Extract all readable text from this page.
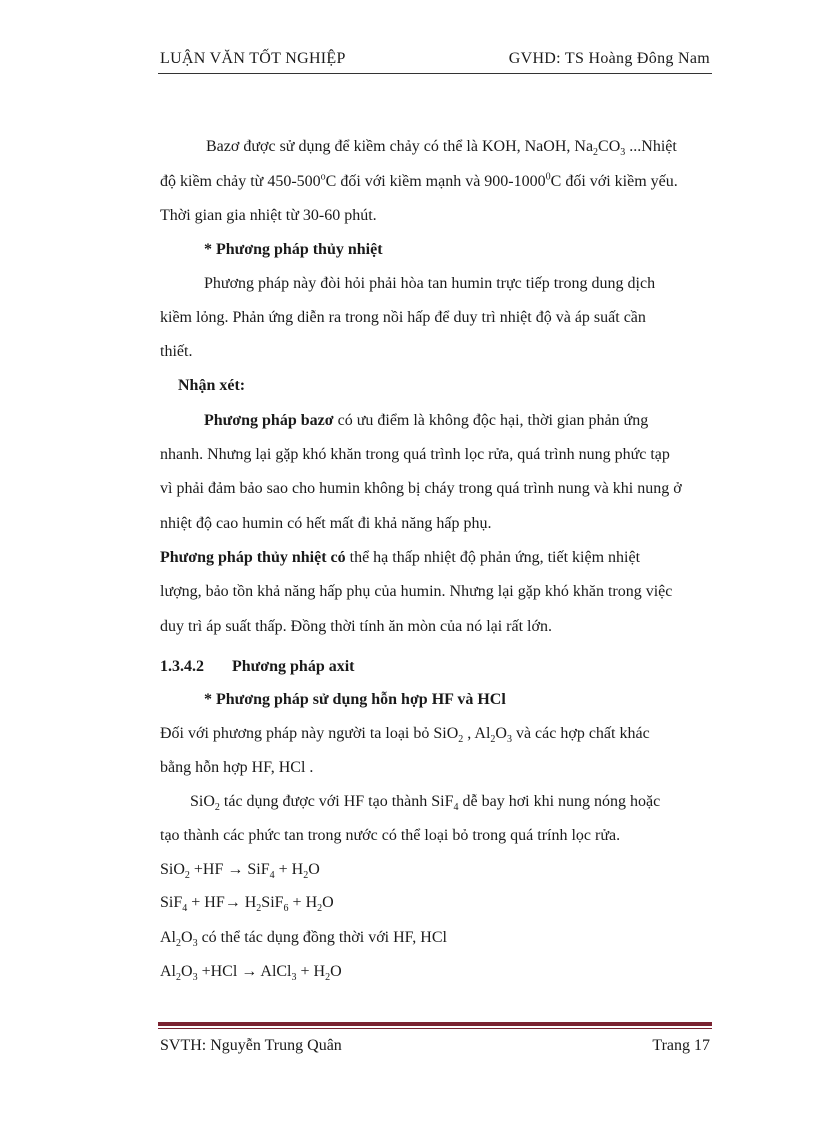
LUẬN VĂN TỐT NGHIỆP	GVHD: TS Hoàng Đông Nam
Bazơ được sử dụng để kiềm chảy có thể là KOH, NaOH, $Na_2CO_3$ ...Nhiệt
độ kiềm chảy từ 450-500$^o$C đối với kiềm mạnh và 900-1000$^0$C đối với kiềm yếu.
Thời gian gia nhiệt từ 30-60 phút.
* Phương pháp thủy nhiệt
Phương pháp này đòi hỏi phải hòa tan humin trực tiếp trong dung dịch
kiềm lỏng. Phản ứng diễn ra trong nồi hấp để duy trì nhiệt độ và áp suất cần
thiết.
Nhận xét:
Phương pháp bazơ có ưu điểm là không độc hại, thời gian phản ứng
nhanh. Nhưng lại gặp khó khăn trong quá trình lọc rửa, quá trình nung phức tạp
vì phải đảm bảo sao cho humin không bị cháy trong quá trình nung và khi nung ở
nhiệt độ cao humin có hết mất đi khả năng hấp phụ.
Phương pháp thủy nhiệt có thể hạ thấp nhiệt độ phản ứng, tiết kiệm nhiệt
lượng, bảo tồn khả năng hấp phụ của humin. Nhưng lại gặp khó khăn trong việc
duy trì áp suất thấp. Đồng thời tính ăn mòn của nó lại rất lớn.
1.3.4.2 Phương pháp axit
* Phương pháp sử dụng hỗn hợp HF và HCl
Đối với phương pháp này người ta loại bỏ SiO$_2$ , $Al_2O_3$ và các hợp chất khác
bằng hỗn hợp HF, HCl .
SiO$_2$ tác dụng được với HF tạo thành SiF$_4$ dễ bay hơi khi nung nóng hoặc
tạo thành các phức tan trong nước có thể loại bỏ trong quá trính lọc rửa.
$SiO_2 +HF \to SiF_4 + H_2O$
$SiF_4 + HF\to H_2SiF_6 + H_2O$
$Al_2O_3$ có thể tác dụng đồng thời với HF, HCl
$Al_2O_3 +HCl$ → AlCl$_3$ + $H_2O$
SVTH: Nguyễn Trung Quân	Trang 17
